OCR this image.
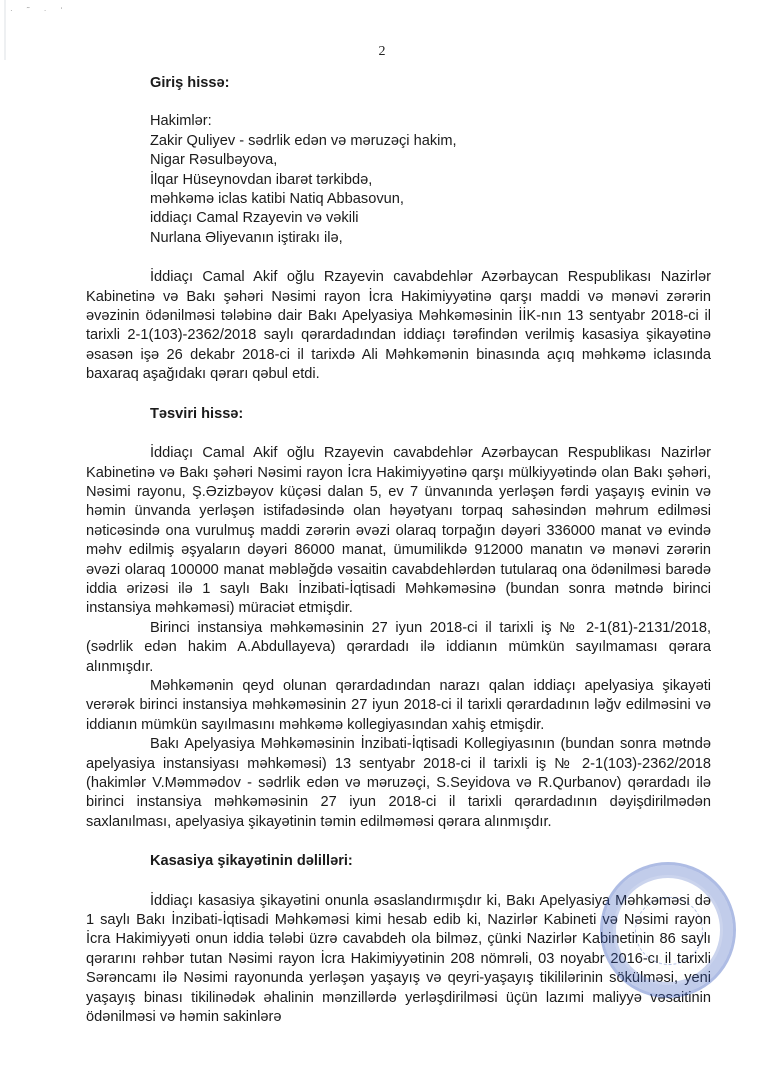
· ˜ · ‘
2

Giriş hissə:

Hakimlər:
Zakir Quliyev - sədrlik edən və məruzəçi hakim,
Nigar Rəsulbəyova,
İlqar Hüseynovdan ibarət tərkibdə,
məhkəmə iclas katibi Natiq Abbasovun,
iddiaçı Camal Rzayevin və vəkili
Nurlana Əliyevanın iştirakı ilə,

İddiaçı Camal Akif oğlu Rzayevin cavabdehlər Azərbaycan Respublikası Nazirlər Kabinetinə və Bakı şəhəri Nəsimi rayon İcra Hakimiyyətinə qarşı maddi və mənəvi zərərin əvəzinin ödənilməsi tələbinə dair Bakı Apelyasiya Məhkəməsinin İİK-nın 13 sentyabr 2018-ci il tarixli 2-1(103)-2362/2018 saylı qərardadından iddiaçı tərəfindən verilmiş kasasiya şikayətinə əsasən işə 26 dekabr 2018-ci il tarixdə Ali Məhkəmənin binasında açıq məhkəmə iclasında baxaraq aşağıdakı qərarı qəbul etdi.

Təsviri hissə:

İddiaçı Camal Akif oğlu Rzayevin cavabdehlər Azərbaycan Respublikası Nazirlər Kabinetinə və Bakı şəhəri Nəsimi rayon İcra Hakimiyyətinə qarşı mülkiyyətində olan Bakı şəhəri, Nəsimi rayonu, Ş.Əzizbəyov küçəsi dalan 5, ev 7 ünvanında yerləşən fərdi yaşayış evinin və həmin ünvanda yerləşən istifadəsində olan həyətyanı torpaq sahəsindən məhrum edilməsi nəticəsində ona vurulmuş maddi zərərin əvəzi olaraq torpağın dəyəri 336000 manat və evində məhv edilmiş əşyaların dəyəri 86000 manat, ümumilikdə 912000 manatın və mənəvi zərərin əvəzi olaraq 100000 manat məbləğdə vəsaitin cavabdehlərdən tutularaq ona ödənilməsi barədə iddia ərizəsi ilə 1 saylı Bakı İnzibati-İqtisadi Məhkəməsinə (bundan sonra mətndə birinci instansiya məhkəməsi) müraciət etmişdir.

Birinci instansiya məhkəməsinin 27 iyun 2018-ci il tarixli iş № 2-1(81)-2131/2018, (sədrlik edən hakim A.Abdullayeva) qərardadı ilə iddianın mümkün sayılmaması qərara alınmışdır.

Məhkəmənin qeyd olunan qərardadından narazı qalan iddiaçı apelyasiya şikayəti verərək birinci instansiya məhkəməsinin 27 iyun 2018-ci il tarixli qərardadının ləğv edilməsini və iddianın mümkün sayılmasını məhkəmə kollegiyasından xahiş etmişdir.

Bakı Apelyasiya Məhkəməsinin İnzibati-İqtisadi Kollegiyasının (bundan sonra mətndə apelyasiya instansiyası məhkəməsi) 13 sentyabr 2018-ci il tarixli iş № 2-1(103)-2362/2018 (hakimlər V.Məmmədov - sədrlik edən və məruzəçi, S.Seyidova və R.Qurbanov) qərardadı ilə birinci instansiya məhkəməsinin 27 iyun 2018-ci il tarixli qərardadının dəyişdirilmədən saxlanılması, apelyasiya şikayətinin təmin edilməməsi qərara alınmışdır.

Kasasiya şikayətinin dəlilləri:

İddiaçı kasasiya şikayətini onunla əsaslandırmışdır ki, Bakı Apelyasiya Məhkəməsi də 1 saylı Bakı İnzibati-İqtisadi Məhkəməsi kimi hesab edib ki, Nazirlər Kabineti və Nəsimi rayon İcra Hakimiyyəti onun iddia tələbi üzrə cavabdeh ola bilməz, çünki Nazirlər Kabinetinin 86 saylı qərarını rəhbər tutan Nəsimi rayon İcra Hakimiyyətinin 208 nömrəli, 03 noyabr 2016-cı il tarixli Sərəncamı ilə Nəsimi rayonunda yerləşən yaşayış və qeyri-yaşayış tikililərinin sökülməsi, yeni yaşayış binası tikilinədək əhalinin mənzillərdə yerləşdirilməsi üçün lazımi maliyyə vəsaitinin ödənilməsi və həmin sakinlərə
